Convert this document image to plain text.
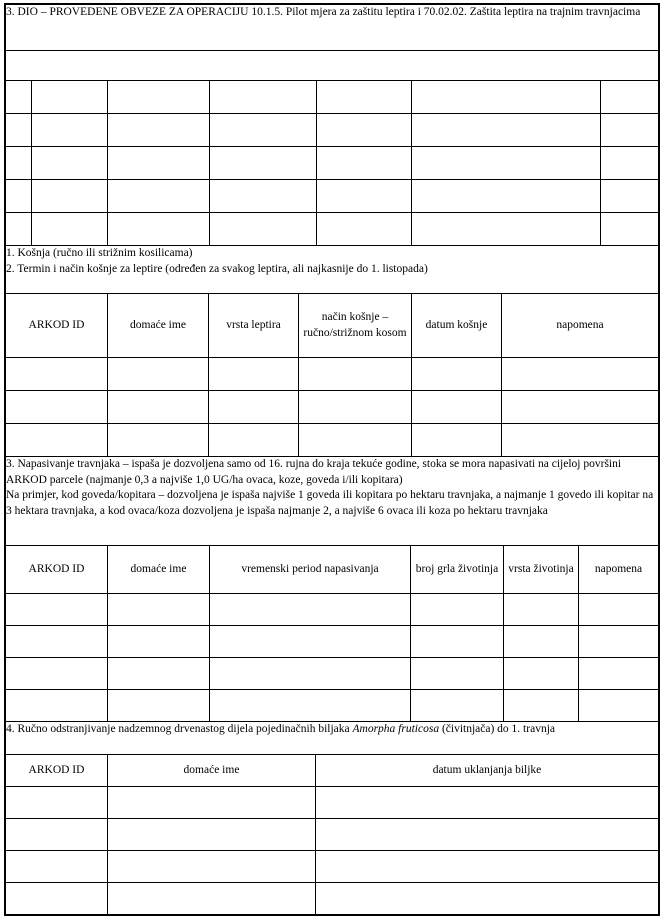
3. DIO – PROVEDENE OBVEZE ZA OPERACIJU 10.1.5. Pilot mjera za zaštitu leptira i 70.02.02. Zaštita leptira na trajnim travnjacima

1. Košnja (ručno ili strižnim kosilicama)
2. Termin i način košnje za leptire (određen za svakog leptira, ali najkasnije do 1. listopada)
ARKOD ID	domaće ime	vrsta leptira	način košnje – ručno/strižnom kosom	datum košnje	napomena

3. Napasivanje travnjaka – ispaša je dozvoljena samo od 16. rujna do kraja tekuće godine, stoka se mora napasivati na cijeloj površini ARKOD parcele (najmanje 0,3 a najviše 1,0 UG/ha ovaca, koze, goveda i/ili kopitara)
Na primjer, kod goveda/kopitara – dozvoljena je ispaša najviše 1 goveda ili kopitara po hektaru travnjaka, a najmanje 1 govedo ili kopitar na 3 hektara travnjaka, a kod ovaca/koza dozvoljena je ispaša najmanje 2, a najviše 6 ovaca ili koza po hektaru travnjaka
ARKOD ID	domaće ime	vremenski period napasivanja	broj grla životinja	vrsta životinja	napomena

4. Ručno odstranjivanje nadzemnog drvenastog dijela pojedinačnih biljaka Amorpha fruticosa (čivitnjača) do 1. travnja
ARKOD ID	domaće ime	datum uklanjanja biljke
